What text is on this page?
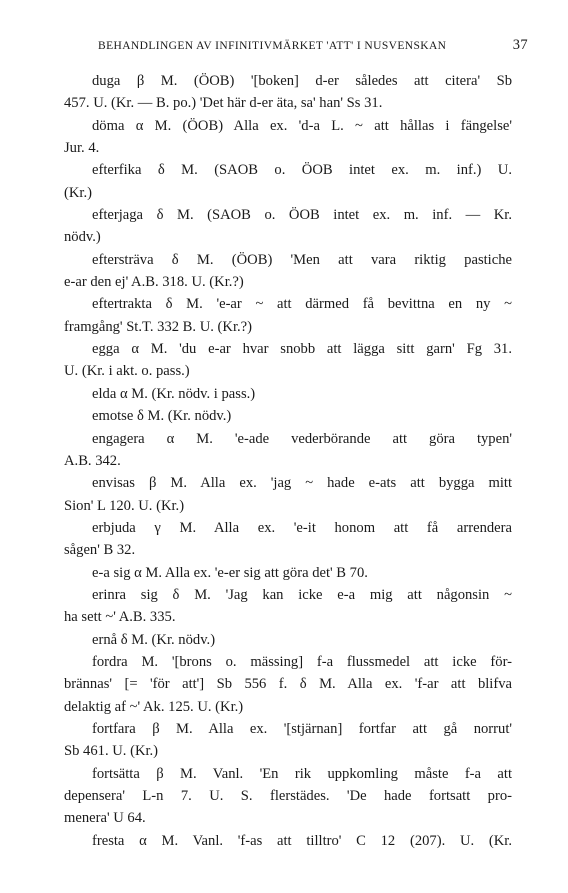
BEHANDLINGEN AV INFINITIVMÄRKET 'ATT' I NUSVENSKAN	37
duga β M. (ÖOB) '[boken] d-er således att citera' Sb
457. U. (Kr. — B. po.) 'Det här d-er äta, sa' han' Ss 31.
döma α M. (ÖOB) Alla ex. 'd-a L. ~ att hållas i fängelse'
Jur. 4.
efterfika δ M. (SAOB o. ÖOB intet ex. m. inf.) U.
(Kr.)
efterjaga δ M. (SAOB o. ÖOB intet ex. m. inf. — Kr.
nödv.)
eftersträva δ M. (ÖOB) 'Men att vara riktig pastiche
e-ar den ej' A.B. 318. U. (Kr.?)
eftertrakta δ M. 'e-ar ~ att därmed få bevittna en ny ~
framgång' St.T. 332 B. U. (Kr.?)
egga α M. 'du e-ar hvar snobb att lägga sitt garn' Fg 31.
U. (Kr. i akt. o. pass.)
elda α M. (Kr. nödv. i pass.)
emotse δ M. (Kr. nödv.)
engagera α M. 'e-ade vederbörande att göra typen'
A.B. 342.
envisas β M. Alla ex. 'jag ~ hade e-ats att bygga mitt
Sion' L 120. U. (Kr.)
erbjuda γ M. Alla ex. 'e-it honom att få arrendera
sågen' B 32.
e-a sig α M. Alla ex. 'e-er sig att göra det' B 70.
erinra sig δ M. 'Jag kan icke e-a mig att någonsin ~
ha sett ~' A.B. 335.
ernå δ M. (Kr. nödv.)
fordra M. '[brons o. mässing] f-a flussmedel att icke för-
brännas' [= 'för att'] Sb 556 f. δ M. Alla ex. 'f-ar att blifva
delaktig af ~' Ak. 125. U. (Kr.)
fortfara β M. Alla ex. '[stjärnan] fortfar att gå norrut'
Sb 461. U. (Kr.)
fortsätta β M. Vanl. 'En rik uppkomling måste f-a att
depensera' L-n 7. U. S. flerstädes. 'De hade fortsatt pro-
menera' U 64.
fresta α M. Vanl. 'f-as att tilltro' C 12 (207). U. (Kr.
